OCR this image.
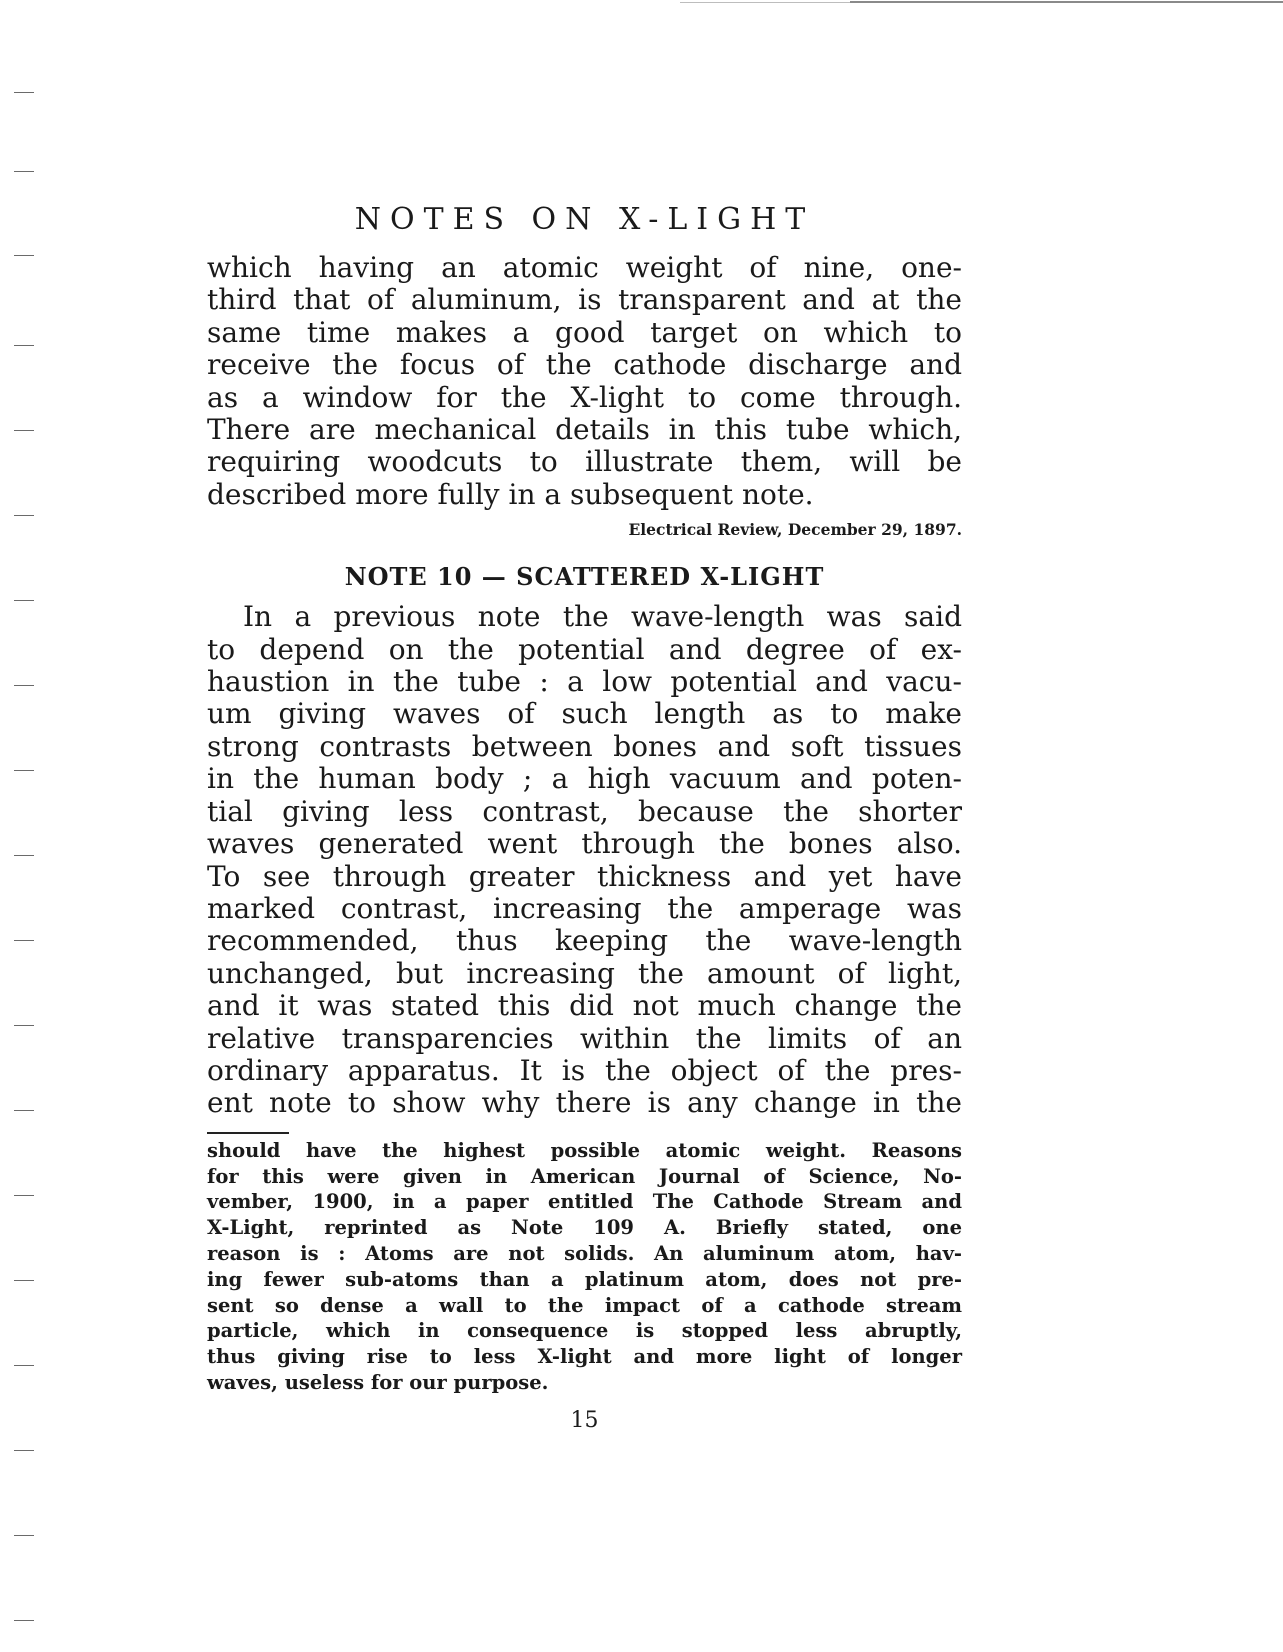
NOTES ON X-LIGHT
which having an atomic weight of nine, one-
third that of aluminum, is transparent and at the
same time makes a good target on which to
receive the focus of the cathode discharge and
as a window for the X-light to come through.
There are mechanical details in this tube which,
requiring woodcuts to illustrate them, will be
described more fully in a subsequent note.
Electrical Review, December 29, 1897.
NOTE 10 — SCATTERED X-LIGHT
In a previous note the wave-length was said
to depend on the potential and degree of ex-
haustion in the tube : a low potential and vacu-
um giving waves of such length as to make
strong contrasts between bones and soft tissues
in the human body ; a high vacuum and poten-
tial giving less contrast, because the shorter
waves generated went through the bones also.
To see through greater thickness and yet have
marked contrast, increasing the amperage was
recommended, thus keeping the wave-length
unchanged, but increasing the amount of light,
and it was stated this did not much change the
relative transparencies within the limits of an
ordinary apparatus. It is the object of the pres-
ent note to show why there is any change in the
should have the highest possible atomic weight. Reasons
for this were given in American Journal of Science, No-
vember, 1900, in a paper entitled The Cathode Stream and
X-Light, reprinted as Note 109 A. Briefly stated, one
reason is : Atoms are not solids. An aluminum atom, hav-
ing fewer sub-atoms than a platinum atom, does not pre-
sent so dense a wall to the impact of a cathode stream
particle, which in consequence is stopped less abruptly,
thus giving rise to less X-light and more light of longer
waves, useless for our purpose.
15
